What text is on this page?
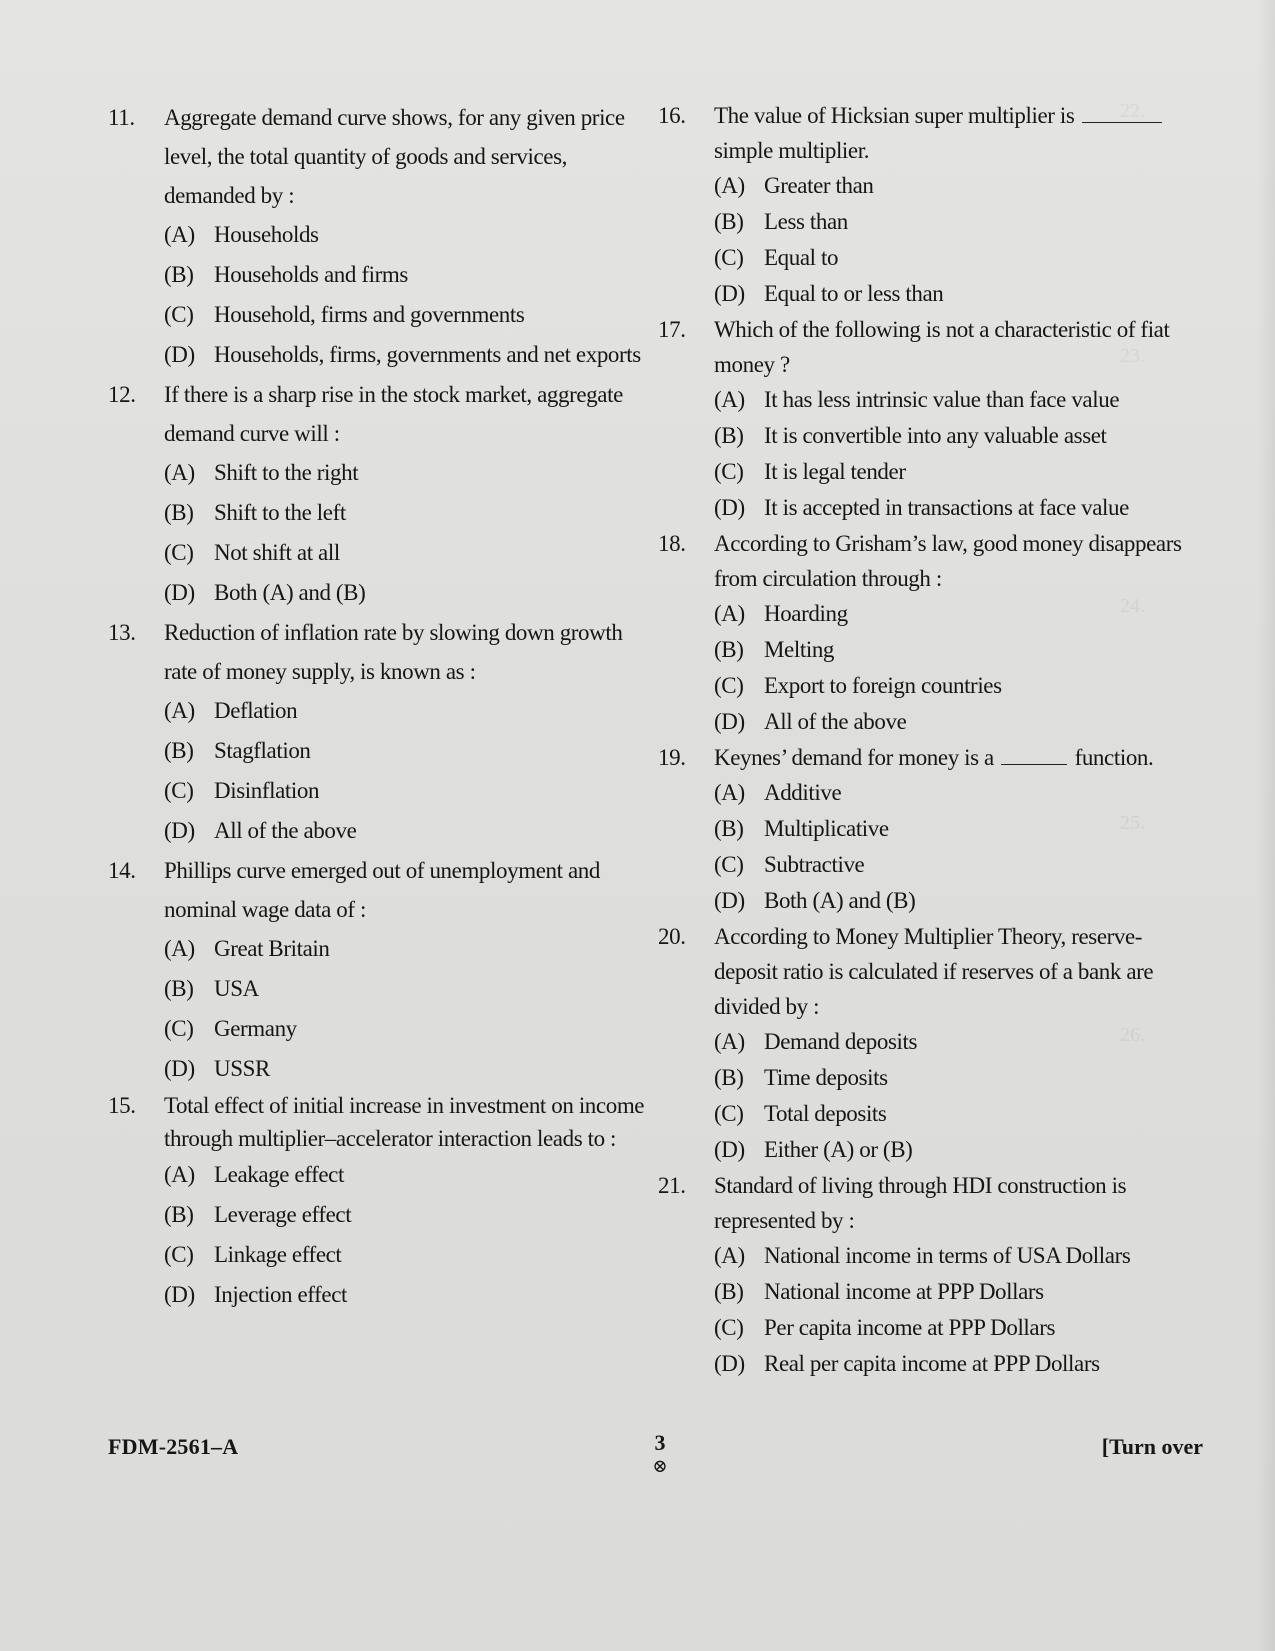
22.
23.
24.
25.
26.
11. Aggregate demand curve shows, for any given price level, the total quantity of goods and services, demanded by :
(A) Households
(B) Households and firms
(C) Household, firms and governments
(D) Households, firms, governments and net exports
12. If there is a sharp rise in the stock market, aggregate demand curve will :
(A) Shift to the right
(B) Shift to the left
(C) Not shift at all
(D) Both (A) and (B)
13. Reduction of inflation rate by slowing down growth rate of money supply, is known as :
(A) Deflation
(B) Stagflation
(C) Disinflation
(D) All of the above
14. Phillips curve emerged out of unemployment and nominal wage data of :
(A) Great Britain
(B) USA
(C) Germany
(D) USSR
15. Total effect of initial increase in investment on income through multiplier–accelerator interaction leads to :
(A) Leakage effect
(B) Leverage effect
(C) Linkage effect
(D) Injection effect
16. The value of Hicksian super multiplier is  simple multiplier.
(A) Greater than
(B) Less than
(C) Equal to
(D) Equal to or less than
17. Which of the following is not a characteristic of fiat money ?
(A) It has less intrinsic value than face value
(B) It is convertible into any valuable asset
(C) It is legal tender
(D) It is accepted in transactions at face value
18. According to Grisham’s law, good money disappears from circulation through :
(A) Hoarding
(B) Melting
(C) Export to foreign countries
(D) All of the above
19. Keynes’ demand for money is a	function.
(A) Additive
(B) Multiplicative
(C) Subtractive
(D) Both (A) and (B)
20. According to Money Multiplier Theory, reserve-deposit ratio is calculated if reserves of a bank are divided by :
(A) Demand deposits
(B) Time deposits
(C) Total deposits
(D) Either (A) or (B)
21. Standard of living through HDI construction is represented by :
(A) National income in terms of USA Dollars
(B) National income at PPP Dollars
(C) Per capita income at PPP Dollars
(D) Real per capita income at PPP Dollars
FDM-2561–A	3
⊗
[Turn over
